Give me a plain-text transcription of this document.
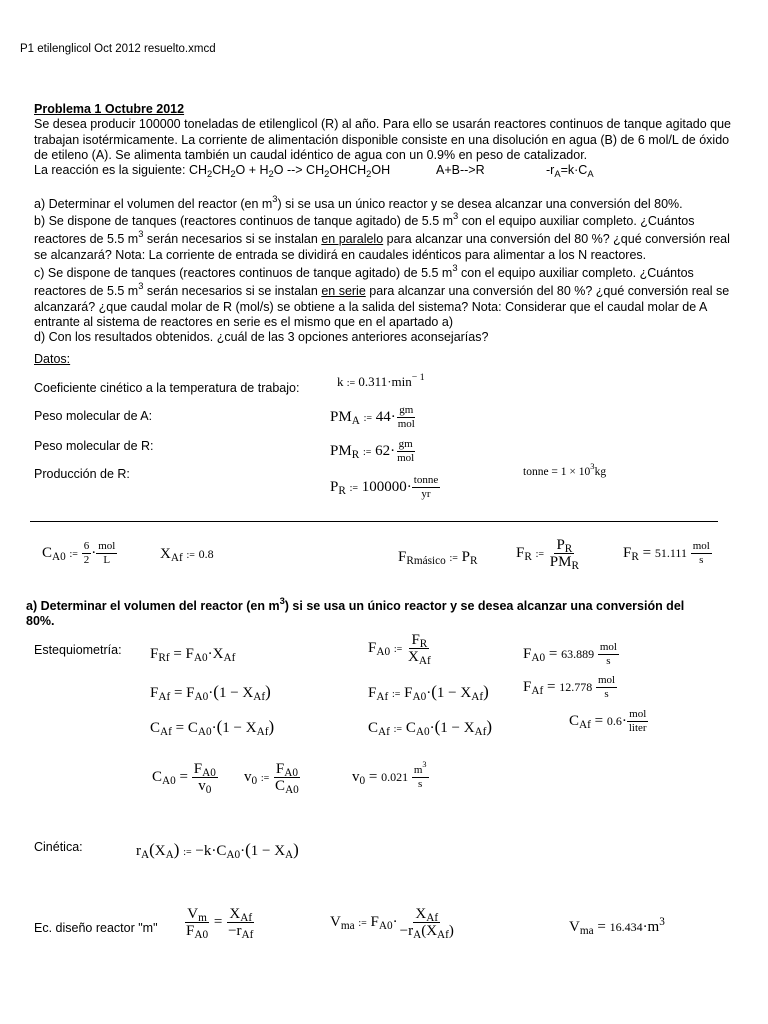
P1 etilenglicol Oct 2012 resuelto.xmcd
Problema 1 Octubre 2012
Se desea producir 100000 toneladas de etilenglicol (R) al año. Para ello se usarán reactores continuos de tanque agitado que
trabajan isotérmicamente. La corriente de alimentación disponible consiste en una disolución en agua (B) de 6 mol/L de óxido
de etileno (A). Se alimenta también un caudal idéntico de agua con un 0.9% en peso de catalizador.
La reacción es la siguiente: $CH_2CH_2O + H_2O$ --> $CH_2OHCH_2OH$	A+B-->R	$-r_A=k\cdot C_A$
a) Determinar el volumen del reactor (en $m^3$) si se usa un único reactor y se desea alcanzar una conversión del 80%.
b) Se dispone de tanques (reactores continuos de tanque agitado) de 5.5 $m^3$ con el equipo auxiliar completo. ¿Cuántos
reactores de 5.5 $m^3$ serán necesarios si se instalan en paralelo para alcanzar una conversión del 80 %? ¿qué conversión real
se alcanzará? Nota: La corriente de entrada se dividirá en caudales idénticos para alimentar a los N reactores.
c) Se dispone de tanques (reactores continuos de tanque agitado) de 5.5 $m^3$ con el equipo auxiliar completo. ¿Cuántos
reactores de 5.5 $m^3$ serán necesarios si se instalan en serie para alcanzar una conversión del 80 %? ¿qué conversión real se
alcanzará? ¿que caudal molar de R (mol/s) se obtiene a la salida del sistema? Nota: Considerar que el caudal molar de A
entrante al sistema de reactores en serie es el mismo que en el apartado a)
d) Con los resultados obtenidos. ¿cuál de las 3 opciones anteriores aconsejarías?
Datos:
Coeficiente cinético a la temperatura de trabajo:	k := $0.311\cdot\min^{- 1}$
Peso molecular de A:	$PM_A$ := $44\cdot \frac{gm}{\text{mol}}$
Peso molecular de R:	$PM_R$ := $62\cdot \frac{gm}{\text{mol}}$
Producción de R:
$P_R$ := $100000\cdot \frac{\text{tonne}}{yr}$
tonne = $1 \times 10^3kg$
$C_{A0}$ := $\frac{6}{2} \cdot \frac{\text{mol}}{L}$	$X_{Af}$ := 0.8	$F_{Rmásico}$ := $P_R$
$F_R$ := $\frac{P_R}{PM_R}$	$F_R = 51.111 \frac{\text{mol}}{s}$
a) Determinar el volumen del reactor (en $m^3$) si se usa un único reactor y se desea alcanzar una conversión del
80%.
Estequiometría: $F_{Rf} = F_{A0}\cdot X_{Af}$
$F_{A0}$ := $\frac{F_R}{X_{Af}}$	$F_{A0} = 63.889 \frac{\text{mol}}{s}$
$F_{Af} = F_{A0}\cdot(1 - X_{Af})$	$F_{Af}$ := $F_{A0}\cdot(1 - X_{Af}) F_{Af} = 12.778 \frac{\text{mol}}{s}$
$C_{Af} = C_{A0}\cdot(1 - X_{Af})$	$C_{Af}$ := $C_{A0}\cdot(1 - X_{Af})$	$C_{Af} = 0.6\cdot \frac{\text{mol}}{\text{liter}}$
$C_{A0} = \frac{F_{A0}}{v_0} v_0$ := $\frac{F_{A0}}{C_{A0}}$	$v_0 = 0.021 \frac{m^3}{s}$
Cinética:	$r_A(X_A)$ := $-k\cdot C_{A0}\cdot(1 - X_A)$
Ec. diseño reactor "m" $\frac{V_m}{F_{A0}} = \frac{X_{Af}}{-r_{Af}}$	$V_{ma}$ := $F_{A0}\cdot \frac{X_{Af}}{-r_A(X_{Af})}$	$V_{ma} = 16.434\cdot m^3$
